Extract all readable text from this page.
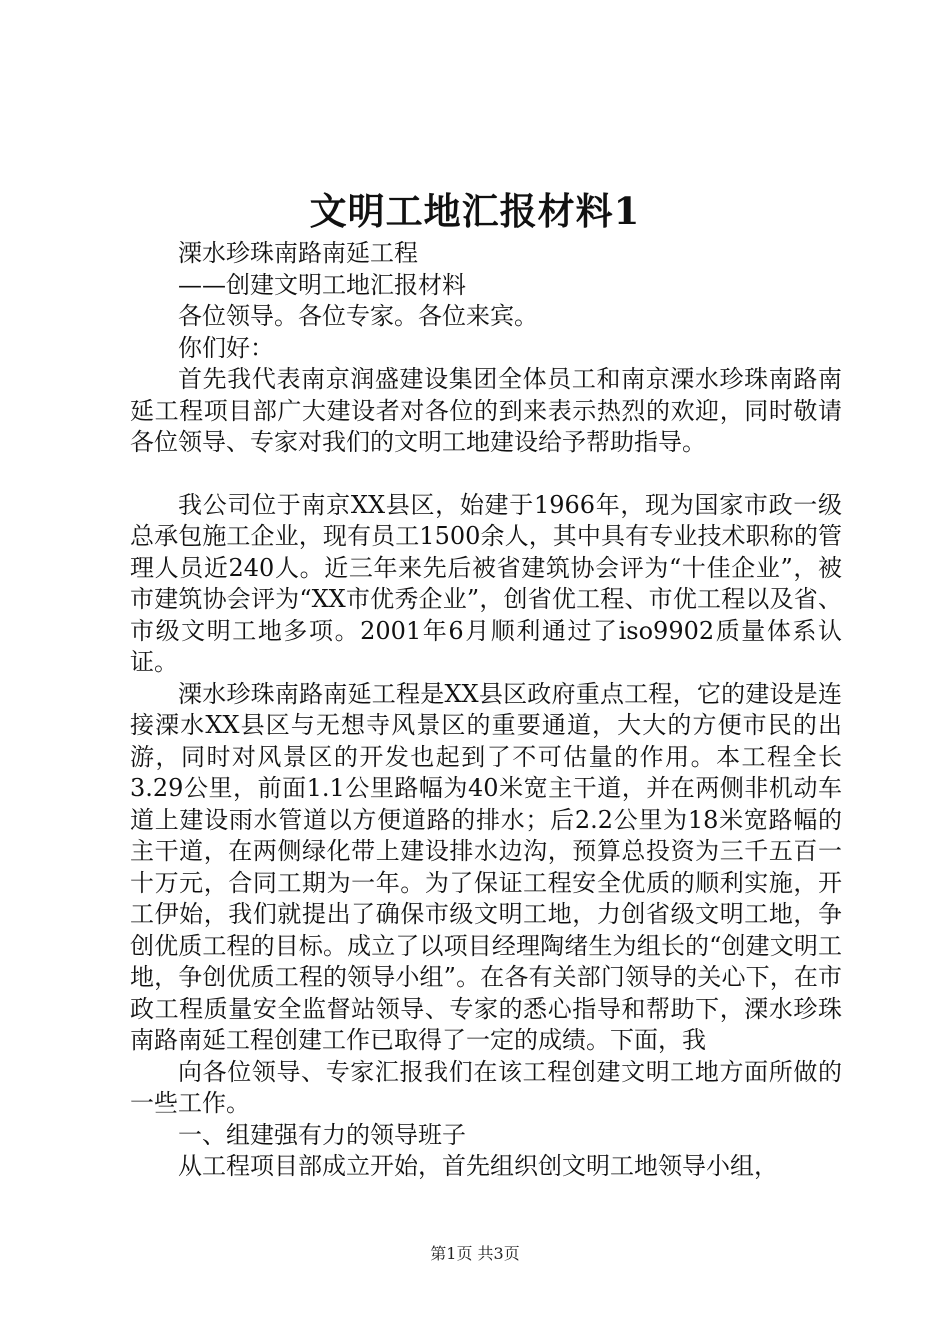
文明工地汇报材料1

溧水珍珠南路南延工程

——创建文明工地汇报材料

各位领导。各位专家。各位来宾。

你们好：

首先我代表南京润盛建设集团全体员工和南京溧水珍珠南路南延工程项目部广大建设者对各位的到来表示热烈的欢迎，同时敬请各位领导、专家对我们的文明工地建设给予帮助指导。

我公司位于南京XX县区，始建于1966年，现为国家市政一级总承包施工企业，现有员工1500余人，其中具有专业技术职称的管理人员近240人。近三年来先后被省建筑协会评为“十佳企业”，被市建筑协会评为“XX市优秀企业”，创省优工程、市优工程以及省、市级文明工地多项。2001年6月顺利通过了iso9902质量体系认证。

溧水珍珠南路南延工程是XX县区政府重点工程，它的建设是连接溧水XX县区与无想寺风景区的重要通道，大大的方便市民的出游，同时对风景区的开发也起到了不可估量的作用。本工程全长3.29公里，前面1.1公里路幅为40米宽主干道，并在两侧非机动车道上建设雨水管道以方便道路的排水；后2.2公里为18米宽路幅的主干道，在两侧绿化带上建设排水边沟，预算总投资为三千五百一十万元，合同工期为一年。为了保证工程安全优质的顺利实施，开工伊始，我们就提出了确保市级文明工地，力创省级文明工地，争创优质工程的目标。成立了以项目经理陶绪生为组长的“创建文明工地，争创优质工程的领导小组”。在各有关部门领导的关心下，在市政工程质量安全监督站领导、专家的悉心指导和帮助下，溧水珍珠南路南延工程创建工作已取得了一定的成绩。下面，我

向各位领导、专家汇报我们在该工程创建文明工地方面所做的一些工作。

一、组建强有力的领导班子

从工程项目部成立开始，首先组织创文明工地领导小组，

第1页 共3页
